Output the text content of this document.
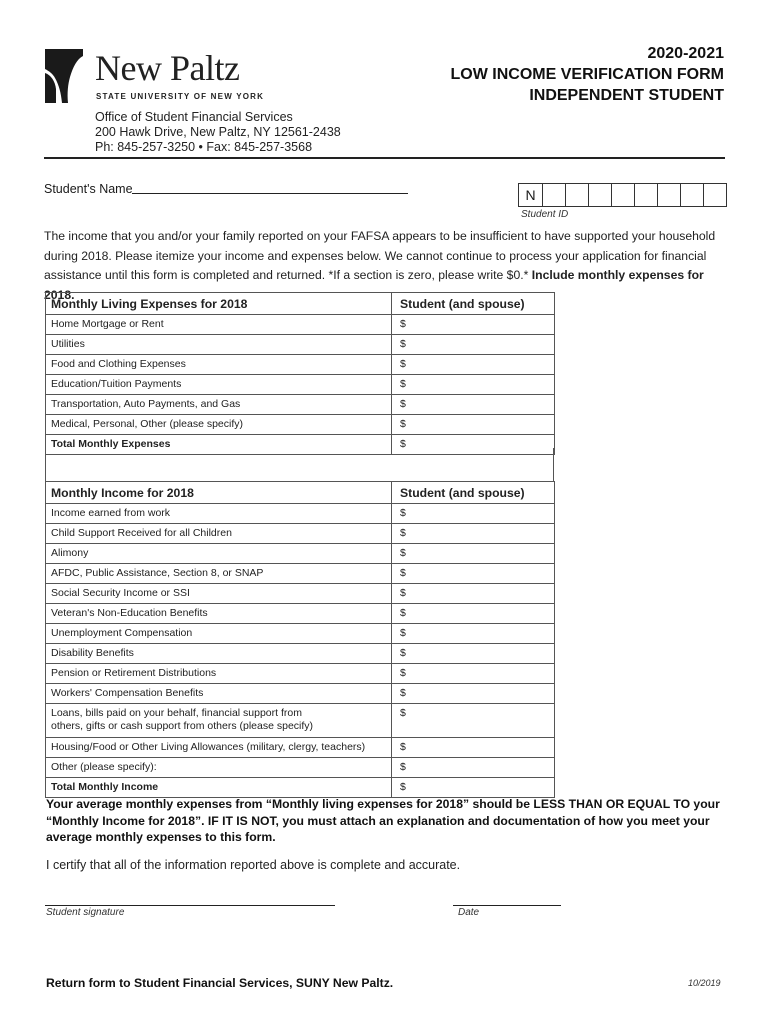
New Paltz
STATE UNIVERSITY OF NEW YORK
Office of Student Financial Services
200 Hawk Drive, New Paltz, NY 12561-2438
Ph: 845-257-3250 • Fax: 845-257-3568
2020-2021
LOW INCOME VERIFICATION FORM
INDEPENDENT STUDENT
Student's Name	N
Student ID
The income that you and/or your family reported on your FAFSA appears to be insufficient to have supported your household during 2018. Please itemize your income and expenses below. We cannot continue to process your application for financial assistance until this form is completed and returned. *If a section is zero, please write $0.* Include monthly expenses for 2018.
Monthly Living Expenses for 2018	Student (and spouse)
Home Mortgage or Rent	$
Utilities	$
Food and Clothing Expenses	$
Education/Tuition Payments	$
Transportation, Auto Payments, and Gas	$
Medical, Personal, Other (please specify)	$
Total Monthly Expenses	$
Monthly Income for 2018	Student (and spouse)
Income earned from work	$
Child Support Received for all Children	$
Alimony	$
AFDC, Public Assistance, Section 8, or SNAP	$
Social Security Income or SSI	$
Veteran's Non-Education Benefits	$
Unemployment Compensation	$
Disability Benefits	$
Pension or Retirement Distributions	$
Workers' Compensation Benefits	$

Loans, bills paid on your behalf, financial support from
others, gifts or cash support from others (please specify)	$
Housing/Food or Other Living Allowances (military, clergy, teachers)	$
Other (please specify):	$
Total Monthly Income	$
Your average monthly expenses from “Monthly living expenses for 2018” should be LESS THAN OR EQUAL TO your “Monthly Income for 2018”. IF IT IS NOT, you must attach an explanation and documentation of how you meet your average monthly expenses to this form.
I certify that all of the information reported above is complete and accurate.
Student signature	Date
Return form to Student Financial Services, SUNY New Paltz.	10/2019
